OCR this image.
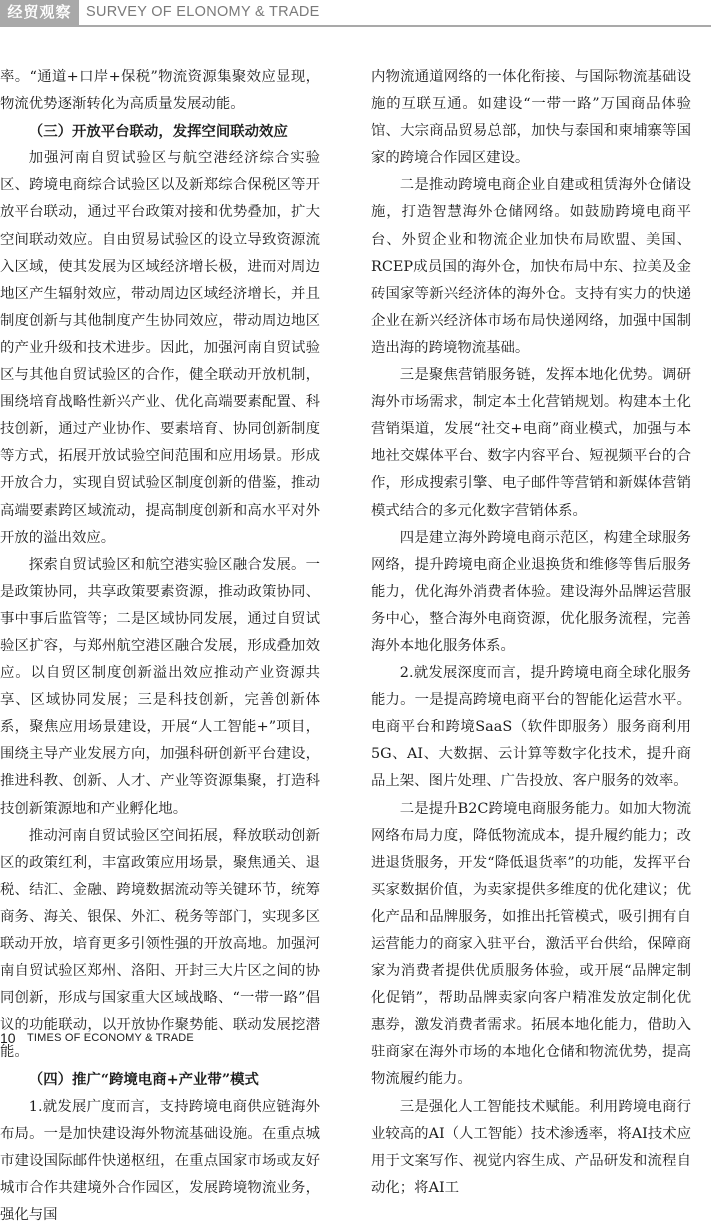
经贸观察	SURVEY OF ELONOMY & TRADE

率。“通道+口岸+保税”物流资源集聚效应显现，物流优势逐渐转化为高质量发展动能。

（三）开放平台联动，发挥空间联动效应

加强河南自贸试验区与航空港经济综合实验区、跨境电商综合试验区以及新郑综合保税区等开放平台联动，通过平台政策对接和优势叠加，扩大空间联动效应。自由贸易试验区的设立导致资源流入区域，使其发展为区域经济增长极，进而对周边地区产生辐射效应，带动周边区域经济增长，并且制度创新与其他制度产生协同效应，带动周边地区的产业升级和技术进步。因此，加强河南自贸试验区与其他自贸试验区的合作，健全联动开放机制，围绕培育战略性新兴产业、优化高端要素配置、科技创新，通过产业协作、要素培育、协同创新制度等方式，拓展开放试验空间范围和应用场景。形成开放合力，实现自贸试验区制度创新的借鉴，推动高端要素跨区域流动，提高制度创新和高水平对外开放的溢出效应。

探索自贸试验区和航空港实验区融合发展。一是政策协同，共享政策要素资源，推动政策协同、事中事后监管等；二是区域协同发展，通过自贸试验区扩容，与郑州航空港区融合发展，形成叠加效应。以自贸区制度创新溢出效应推动产业资源共享、区域协同发展；三是科技创新，完善创新体系，聚焦应用场景建设，开展“人工智能+”项目，围绕主导产业发展方向，加强科研创新平台建设，推进科教、创新、人才、产业等资源集聚，打造科技创新策源地和产业孵化地。

推动河南自贸试验区空间拓展，释放联动创新区的政策红利，丰富政策应用场景，聚焦通关、退税、结汇、金融、跨境数据流动等关键环节，统筹商务、海关、银保、外汇、税务等部门，实现多区联动开放，培育更多引领性强的开放高地。加强河南自贸试验区郑州、洛阳、开封三大片区之间的协同创新，形成与国家重大区域战略、“一带一路”倡议的功能联动，以开放协作聚势能、联动发展挖潜能。

（四）推广“跨境电商+产业带”模式

1.就发展广度而言，支持跨境电商供应链海外布局。一是加快建设海外物流基础设施。在重点城市建设国际邮件快递枢纽，在重点国家市场或友好城市合作共建境外合作园区，发展跨境物流业务，强化与国

内物流通道网络的一体化衔接、与国际物流基础设施的互联互通。如建设“一带一路”万国商品体验馆、大宗商品贸易总部，加快与泰国和柬埔寨等国家的跨境合作园区建设。

二是推动跨境电商企业自建或租赁海外仓储设施，打造智慧海外仓储网络。如鼓励跨境电商平台、外贸企业和物流企业加快布局欧盟、美国、RCEP成员国的海外仓，加快布局中东、拉美及金砖国家等新兴经济体的海外仓。支持有实力的快递企业在新兴经济体市场布局快递网络，加强中国制造出海的跨境物流基础。

三是聚焦营销服务链，发挥本地化优势。调研海外市场需求，制定本土化营销规划。构建本土化营销渠道，发展“社交+电商”商业模式，加强与本地社交媒体平台、数字内容平台、短视频平台的合作，形成搜索引擎、电子邮件等营销和新媒体营销模式结合的多元化数字营销体系。

四是建立海外跨境电商示范区，构建全球服务网络，提升跨境电商企业退换货和维修等售后服务能力，优化海外消费者体验。建设海外品牌运营服务中心，整合海外电商资源，优化服务流程，完善海外本地化服务体系。

2.就发展深度而言，提升跨境电商全球化服务能力。一是提高跨境电商平台的智能化运营水平。电商平台和跨境SaaS（软件即服务）服务商利用5G、AI、大数据、云计算等数字化技术，提升商品上架、图片处理、广告投放、客户服务的效率。

二是提升B2C跨境电商服务能力。如加大物流网络布局力度，降低物流成本，提升履约能力；改进退货服务，开发“降低退货率”的功能，发挥平台买家数据价值，为卖家提供多维度的优化建议；优化产品和品牌服务，如推出托管模式，吸引拥有自运营能力的商家入驻平台，激活平台供给，保障商家为消费者提供优质服务体验，或开展“品牌定制化促销”，帮助品牌卖家向客户精准发放定制化优惠券，激发消费者需求。拓展本地化能力，借助入驻商家在海外市场的本地化仓储和物流优势，提高物流履约能力。

三是强化人工智能技术赋能。利用跨境电商行业较高的AI（人工智能）技术渗透率，将AI技术应用于文案写作、视觉内容生成、产品研发和流程自动化；将AI工

10 TIMES OF ECONOMY & TRADE
